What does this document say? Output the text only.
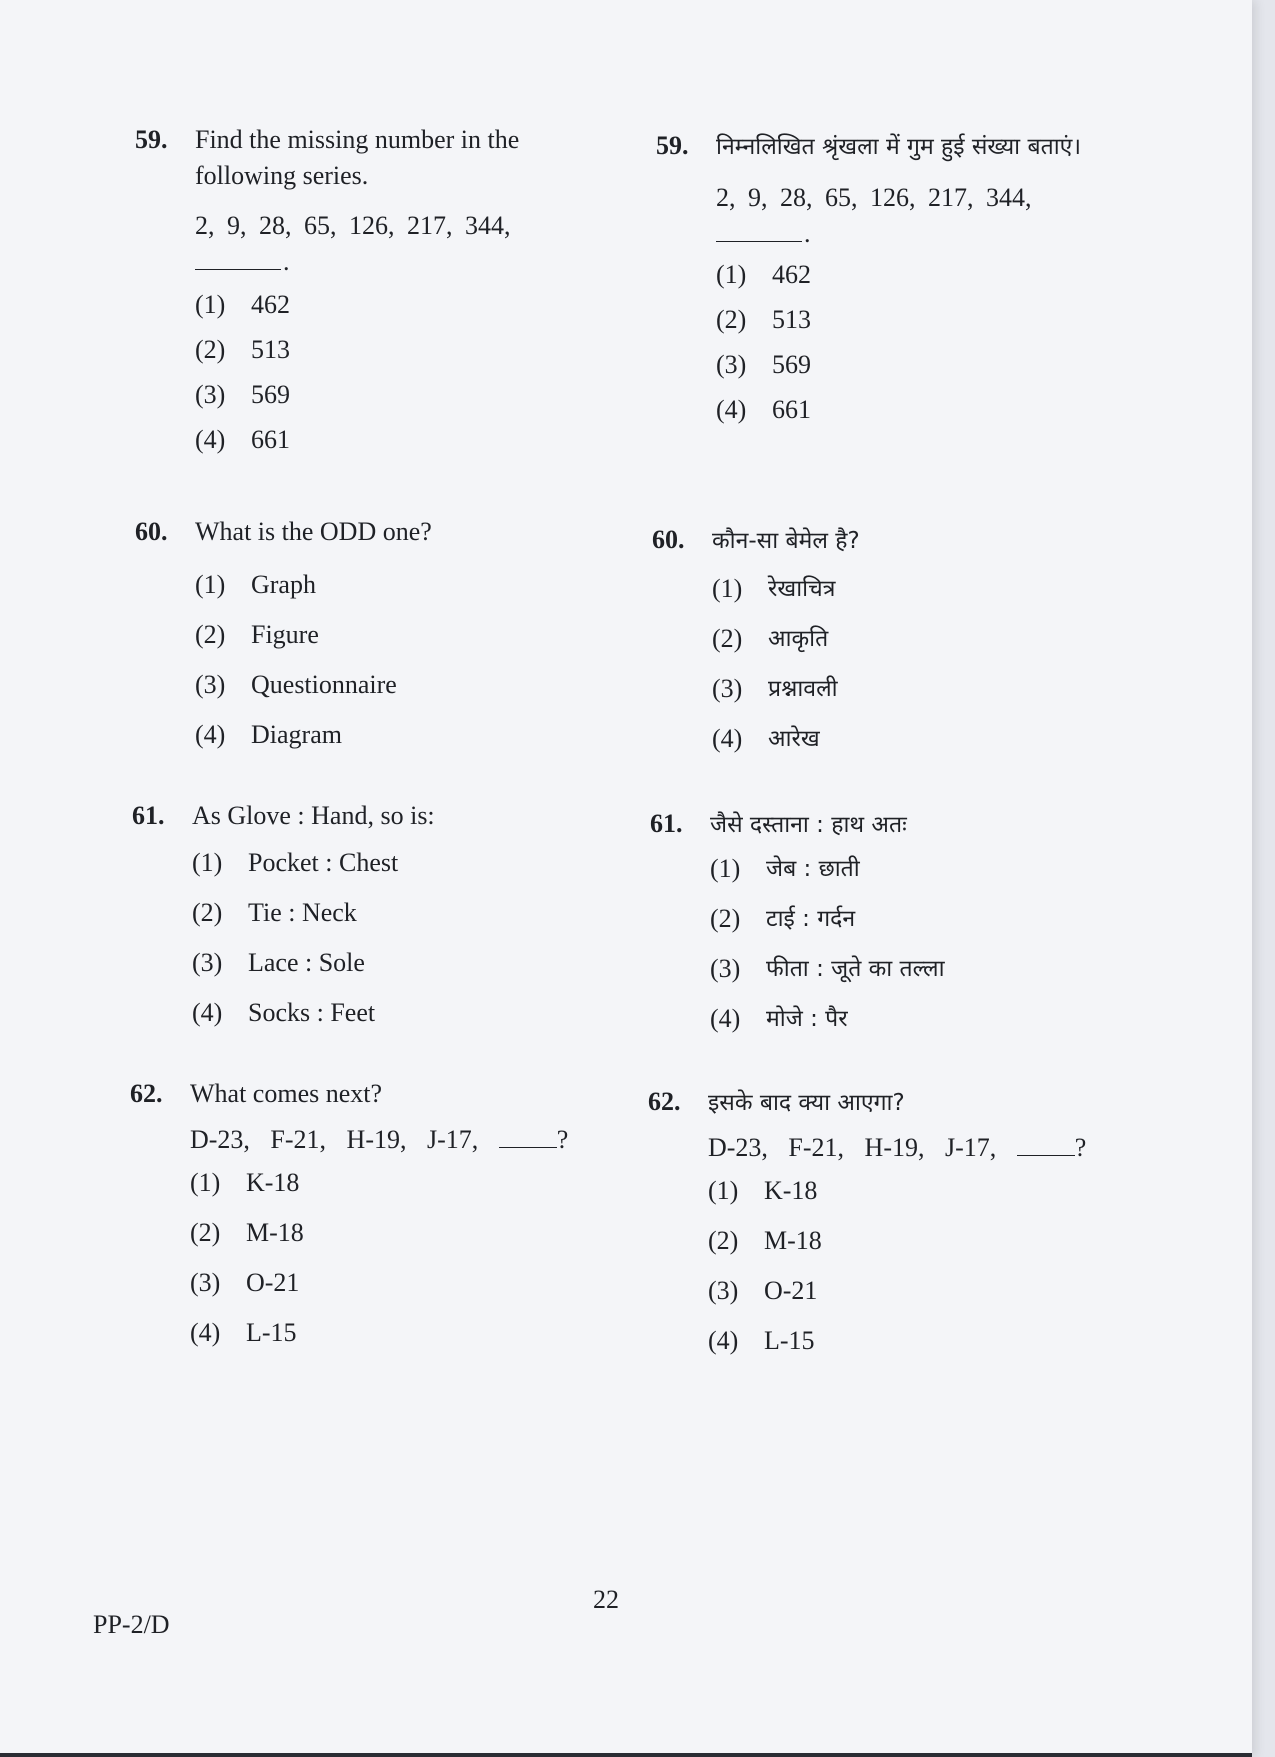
59.	Find the missing number in the following series.
2, 9, 28, 65, 126, 217, 344,
.
(1) 462
(2) 513
(3) 569
(4) 661
60.	What is the ODD one?
(1) Graph
(2) Figure
(3) Questionnaire
(4) Diagram
61.	As Glove : Hand, so is:
(1) Pocket : Chest
(2) Tie : Neck
(3) Lace : Sole
(4) Socks : Feet
62.	What comes next?
D-23, F-21, H-19, J-17,	?
(1) K-18
(2) M-18
(3) O-21
(4) L-15
59.	निम्नलिखित श्रृंखला में गुम हुई संख्या बताएं।
2, 9, 28, 65, 126, 217, 344,
.
(1) 462
(2) 513
(3) 569
(4) 661
60.	कौन-सा बेमेल है?
(1)	रेखाचित्र
(2)	आकृति
(3)	प्रश्नावली
(4)	आरेख
61.	जैसे दस्ताना : हाथ अतः
(1)	जेब : छाती
(2)	टाई : गर्दन
(3)	फीता : जूते का तल्ला
(4)	मोजे : पैर
62.	इसके बाद क्या आएगा?
D-23, F-21, H-19, J-17,	?
(1) K-18
(2) M-18
(3) O-21
(4) L-15
22
PP-2/D
